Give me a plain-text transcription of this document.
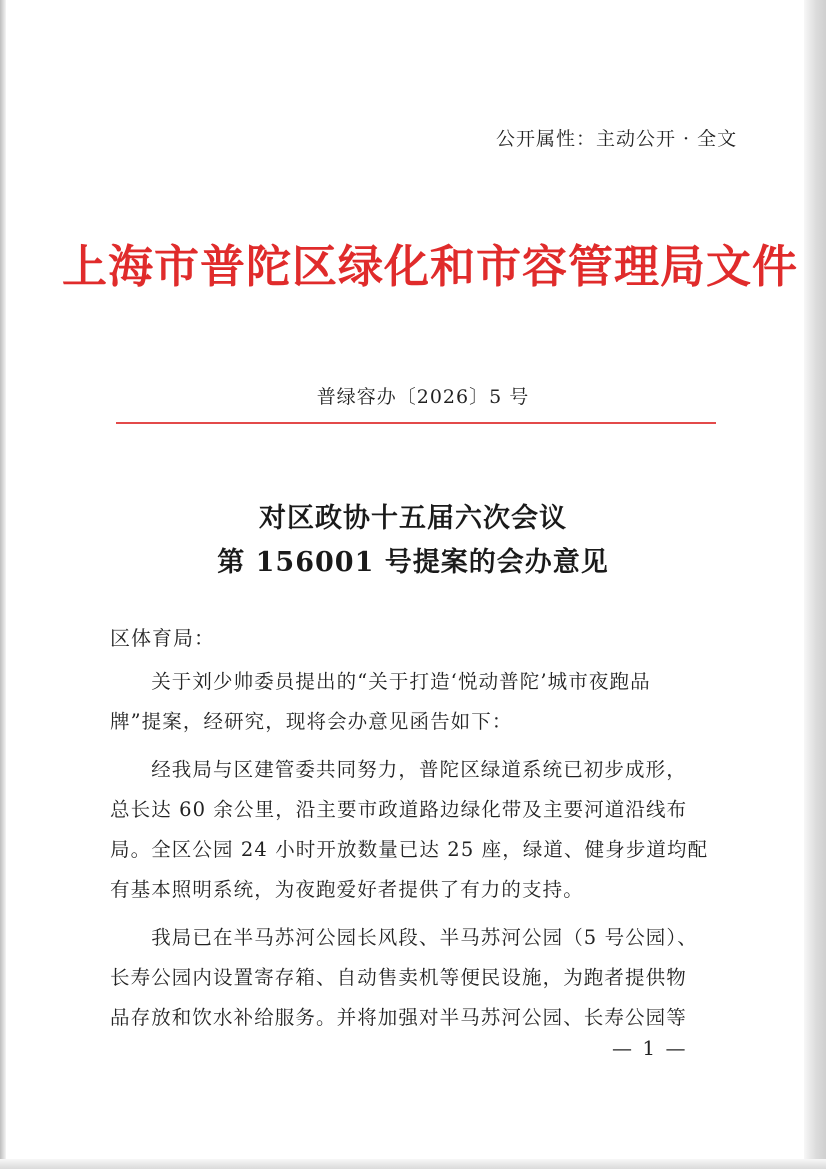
公开属性：主动公开 · 全文
上海市普陀区绿化和市容管理局文件
普绿容办〔2026〕5 号
对区政协十五届六次会议
第 156001 号提案的会办意见
区体育局：
　　关于刘少帅委员提出的“关于打造‘悦动普陀’城市夜跑品
牌”提案，经研究，现将会办意见函告如下：
　　经我局与区建管委共同努力，普陀区绿道系统已初步成形，
总长达 60 余公里，沿主要市政道路边绿化带及主要河道沿线布
局。全区公园 24 小时开放数量已达 25 座，绿道、健身步道均配
有基本照明系统，为夜跑爱好者提供了有力的支持。
　　我局已在半马苏河公园长风段、半马苏河公园（5 号公园）、
长寿公园内设置寄存箱、自动售卖机等便民设施，为跑者提供物
品存放和饮水补给服务。并将加强对半马苏河公园、长寿公园等
— 1 —
